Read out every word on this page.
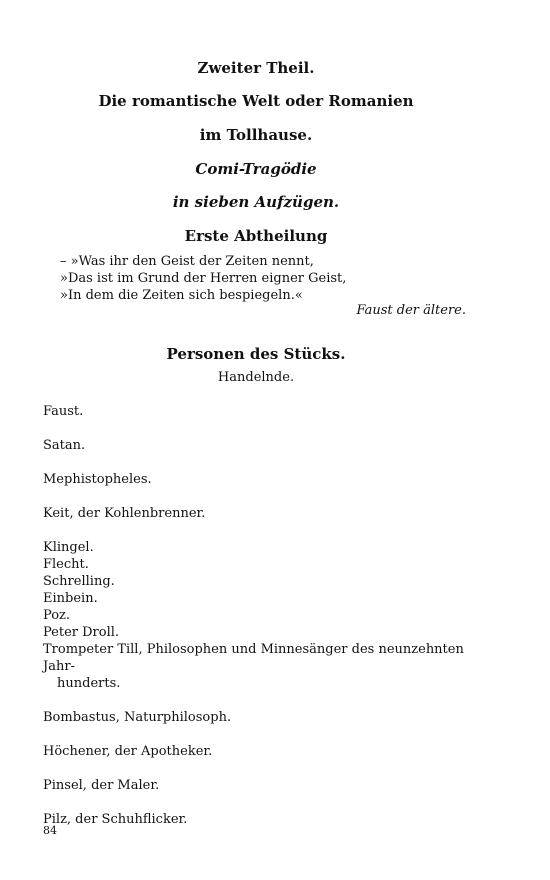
Zweiter Theil.
Die romantische Welt oder Romanien
im Tollhause.
Comi-Tragödie
in sieben Aufzügen.
Erste Abtheilung
– »Was ihr den Geist der Zeiten nennt,
»Das ist im Grund der Herren eigner Geist,
»In dem die Zeiten sich bespiegeln.«
Faust der ältere.
Personen des Stücks.
Handelnde.
Faust.
Satan.
Mephistopheles.
Keit, der Kohlenbrenner.
Klingel.
Flecht.
Schrelling.
Einbein.
Poz.
Peter Droll.
Trompeter Till, Philosophen und Minnesänger des neunzehnten Jahr-
hunderts.
Bombastus, Naturphilosoph.
Höchener, der Apotheker.
Pinsel, der Maler.
Pilz, der Schuhflicker.
84
